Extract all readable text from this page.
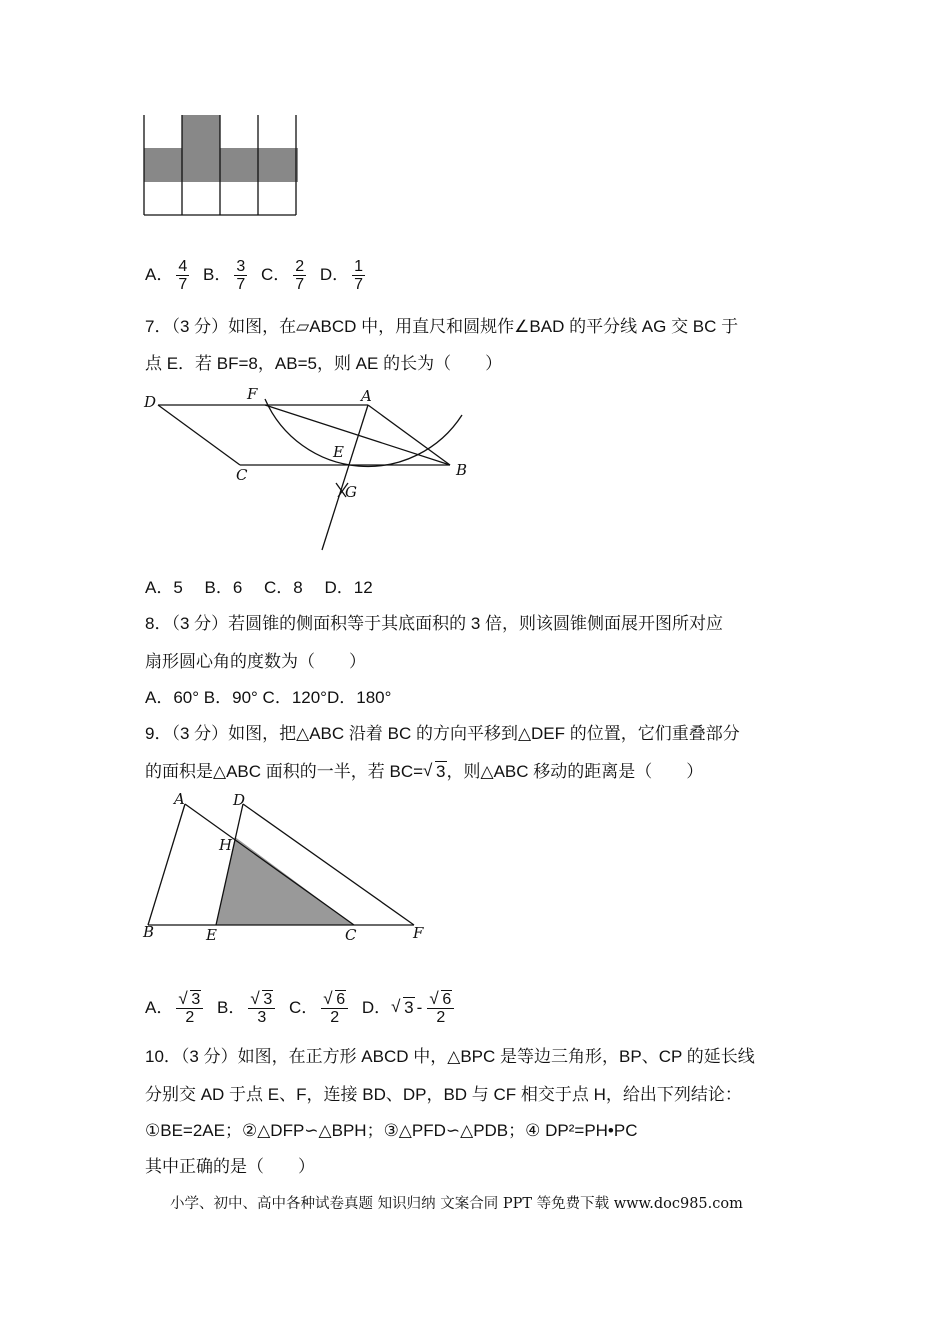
A． $\frac{4}{7}$ B． $\frac{3}{7}$ C． $\frac{2}{7}$ D． $\frac{1}{7}$
7．（3 分）如图，在▱ABCD 中，用直尺和圆规作∠BAD 的平分线 AG 交 BC 于
点 E．若 BF=8，AB=5，则 AE 的长为（　　）
D	F	A
E
C	B
G
A．5　 B．6　 C．8　 D．12
8．（3 分）若圆锥的侧面积等于其底面积的 3 倍，则该圆锥侧面展开图所对应
扇形圆心角的度数为（　　）
A．60° B．90° C．120°D．180°
9．（3 分）如图，把△ABC 沿着 BC 的方向平移到△DEF 的位置，它们重叠部分
的面积是△ABC 面积的一半，若 BC= √ 3，则△ABC 移动的距离是（　　）
A	D
H
B	E	C	F
A． √ $\frac{3}{2}$ B． √ $\frac{3}{3}$ C． √ $\frac{6}{2}$ D． √ 3 - √ $\frac{6}{2}$
10．（3 分）如图，在正方形 ABCD 中，△BPC 是等边三角形，BP、CP 的延长线
分别交 AD 于点 E、F，连接 BD、DP，BD 与 CF 相交于点 H，给出下列结论：
①BE=2AE；②△DFP∽△BPH；③△PFD∽△PDB；④ DP²=PH•PC
其中正确的是（　　）
小学、初中、高中各种试卷真题 知识归纳 文案合同 PPT 等免费下载 www.doc985.com
